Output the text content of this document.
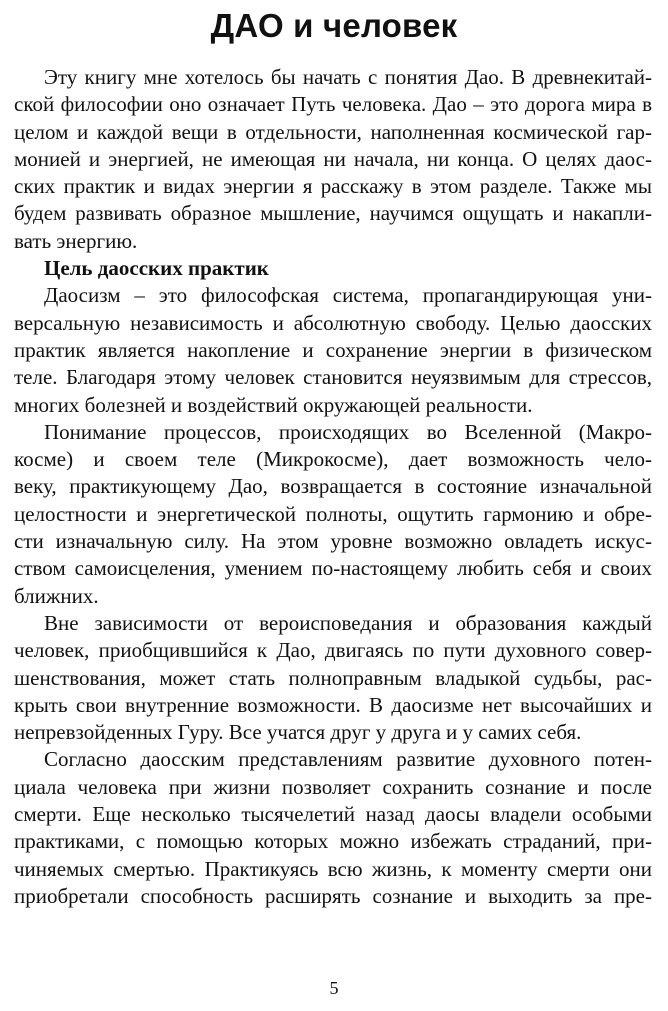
ДАО и человек
Эту книгу мне хотелось бы начать с понятия Дао. В древнекитай-
ской философии оно означает Путь человека. Дао – это дорога мира в
целом и каждой вещи в отдельности, наполненная космической гар-
монией и энергией, не имеющая ни начала, ни конца. О целях даос-
ских практик и видах энергии я расскажу в этом разделе. Также мы
будем развивать образное мышление, научимся ощущать и накапли-
вать энергию.
Цель даосских практик
Даосизм – это философская система, пропагандирующая уни-
версальную независимость и абсолютную свободу. Целью даосских
практик является накопление и сохранение энергии в физическом
теле. Благодаря этому человек становится неуязвимым для стрессов,
многих болезней и воздействий окружающей реальности.
Понимание процессов, происходящих во Вселенной (Макро-
косме) и своем теле (Микрокосме), дает возможность чело-
веку, практикующему Дао, возвращается в состояние изначальной
целостности и энергетической полноты, ощутить гармонию и обре-
сти изначальную силу. На этом уровне возможно овладеть искус-
ством самоисцеления, умением по-настоящему любить себя и своих
ближних.
Вне зависимости от вероисповедания и образования каждый
человек, приобщившийся к Дао, двигаясь по пути духовного совер-
шенствования, может стать полноправным владыкой судьбы, рас-
крыть свои внутренние возможности. В даосизме нет высочайших и
непревзойденных Гуру. Все учатся друг у друга и у самих себя.
Согласно даосским представлениям развитие духовного потен-
циала человека при жизни позволяет сохранить сознание и после
смерти. Еще несколько тысячелетий назад даосы владели особыми
практиками, с помощью которых можно избежать страданий, при-
чиняемых смертью. Практикуясь всю жизнь, к моменту смерти они
приобретали способность расширять сознание и выходить за пре-
5
